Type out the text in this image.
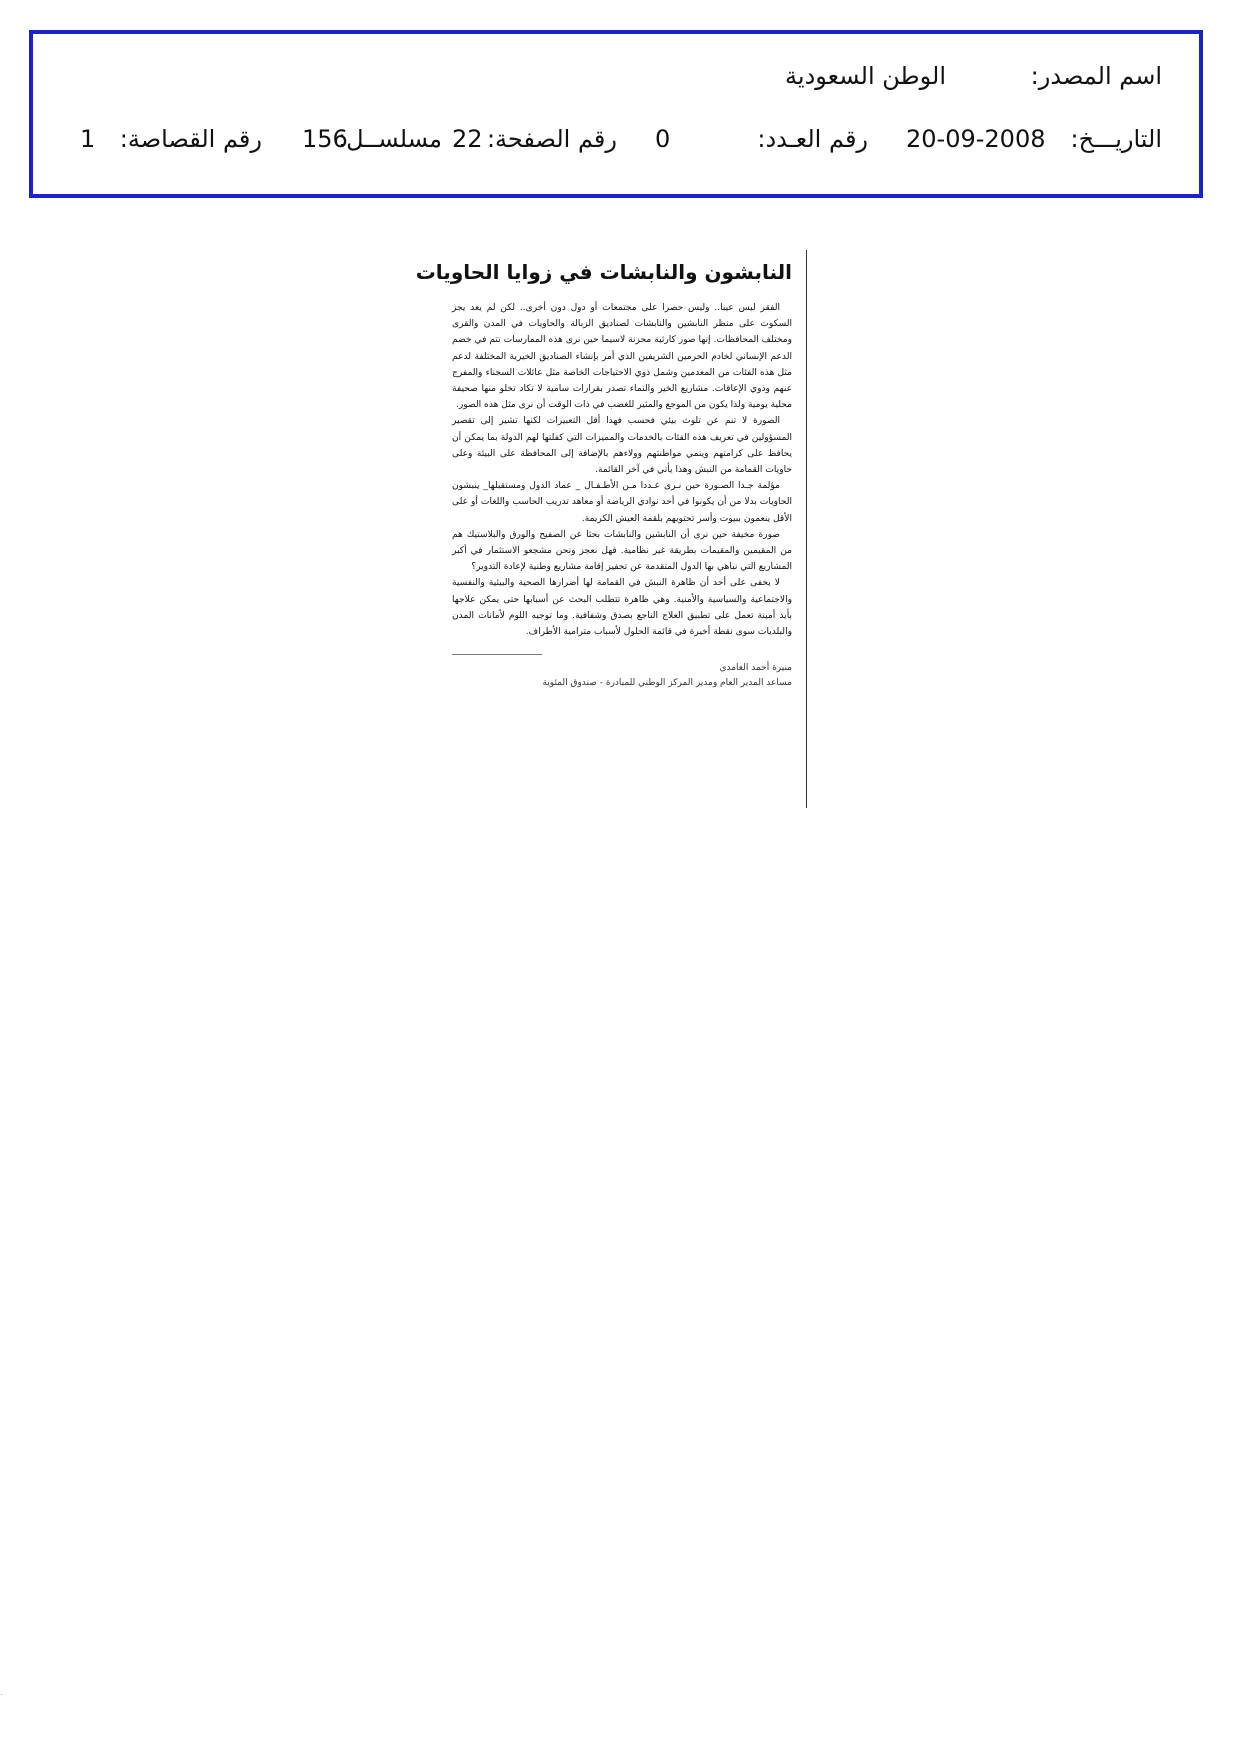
اسم المصدر:
الوطن السعودية
التاريـــخ:
20-09-2008
رقم العـدد:
0
رقم الصفحة:
22
مسلســل:
156
رقم القصاصة:
1
النابشون والنابشات في زوايا الحاويات

الفقر ليس عيبا.. وليس حصرا على مجتمعات أو دول دون أخرى.. لكن لم يعد يجز السكوت على منظر النابشين والنابشات لصناديق الزبالة والحاويات في المدن والقرى ومختلف المحافظات. إنها صور كارثية محزنة لاسيما حين نرى هذه الممارسات تتم في خضم الدعم الإنساني لخادم الحرمين الشريفين الذي أمر بإنشاء الصناديق الخيرية المختلفة لدعم مثل هذه الفئات من المعدمين وشمل ذوي الاحتياجات الخاصة مثل عائلات السجناء والمفرج عنهم وذوي الإعاقات. مشاريع الخير والنماء تصدر بقرارات سامية لا تكاد تخلو منها صحيفة محلية يومية ولذا يكون من الموجع والمثير للغضب في ذات الوقت أن نرى مثل هذه الصور.

الصورة لا تنم عن تلوث بيئي فحسب فهذا أقل التعبيرات لكنها تشير إلى تقصير المسؤولين في تعريف هذه الفئات بالخدمات والمميزات التي كفلتها لهم الدولة بما يمكن أن يحافظ على كرامتهم وينمي مواطنتهم وولاءهم بالإضافة إلى المحافظة على البيئة وعلى حاويات القمامة من النبش وهذا يأتي في آخر القائمة.

مؤلمة جـدا الصـورة حين نـرى عـددا مـن الأطـفـال _ عماد الدول ومستقبلها_ ينبشون الحاويات بدلا من أن يكونوا في أحد نوادي الرياضة أو معاهد تدريب الحاسب واللغات أو على الأقل ينعمون ببيوت وأسر تحتويهم بلقمة العيش الكريمة.

صورة مخيفة حين نرى أن النابشين والنابشات بحثا عن الصفيح والورق والبلاستيك هم من المقيمين والمقيمات بطريقة غير نظامية. فهل نعجز ونحن مشجعو الاستثمار في أكبر المشاريع التي نباهي بها الدول المتقدمة عن تحفيز إقامة مشاريع وطنية لإعادة التدوير؟

لا يخفى على أحد أن ظاهرة النبش في القمامة لها أضرارها الصحية والبيئية والنفسية والاجتماعية والسياسية والأمنية. وهي ظاهرة تتطلب البحث عن أسبابها حتى يمكن علاجها بأيد أمينة تعمل على تطبيق العلاج الناجع بصدق وشفافية. وما توجيه اللوم لأمانات المدن والبلديات سوى نقطة أخيرة في قائمة الحلول لأسباب مترامية الأطراف.

منيرة أحمد الغامدي
مساعد المدير العام ومدير المركز الوطني للمبادرة - صندوق المئوية
.
